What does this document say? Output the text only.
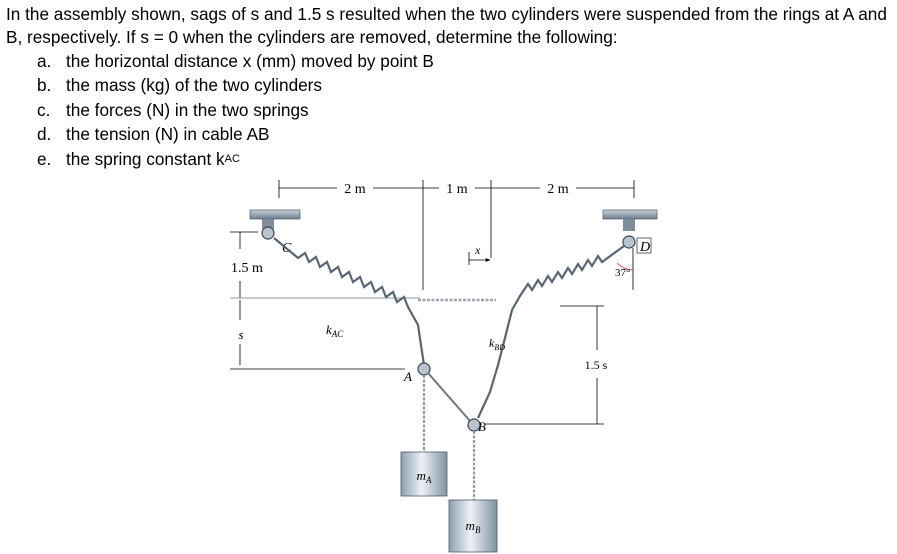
In the assembly shown, sags of s and 1.5 s resulted when the two cylinders were suspended from the rings at A and B, respectively. If s = 0 when the cylinders are removed, determine the following:

a. the horizontal distance x (mm) moved by point B
b. the mass (kg) of the two cylinders
c. the forces (N) in the two springs
d. the tension (N) in cable AB
e. the spring constant k AC
2 m	1 m	2 m
1.5 m
s
C	D
37°
$k_{AC}$
$k_{BD}$
x
1.5 s
A
B
$m_A$
$m_B$
